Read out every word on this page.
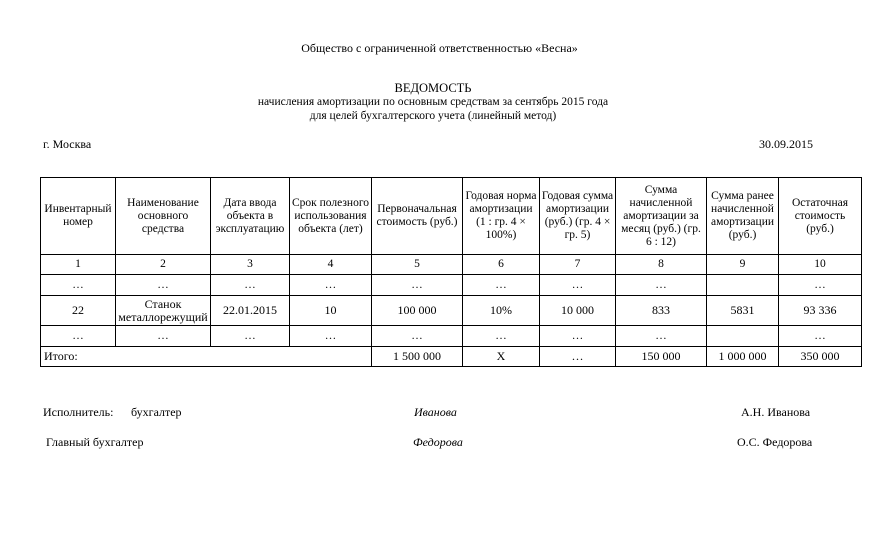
Общество с ограниченной ответственностью «Весна»
ВЕДОМОСТЬ
начисления амортизации по основным средствам за сентябрь 2015 года
для целей бухгалтерского учета (линейный метод)
г. Москва	30.09.2015
Инвентарный номер	Наименование основного средства	Дата ввода объекта в эксплуатацию	Срок полезного использования объекта (лет)	Первоначальная стоимость (руб.)	Годовая норма амортизации (1 : гр. 4 × 100%)	Годовая сумма амортизации (руб.) (гр. 4 × гр. 5)	Сумма начисленной амортизации за месяц (руб.) (гр. 6 : 12)	Сумма ранее начисленной амортизации (руб.)	Остаточная стоимость (руб.)
1	2	3	4	5	6	7	8	9	10
…	…	…	…	…	…	…	…		…
22	Станок металлорежущий	22.01.2015	10	100 000	10%	10 000	833	5831	93 336
…	…	…	…	…	…	…	…		…
Итого:				1 500 000	Х	…	150 000	1 000 000	350 000
Исполнитель: бухгалтер	Иванова	А.Н. Иванова
Главный бухгалтер	Федорова	О.С. Федорова
